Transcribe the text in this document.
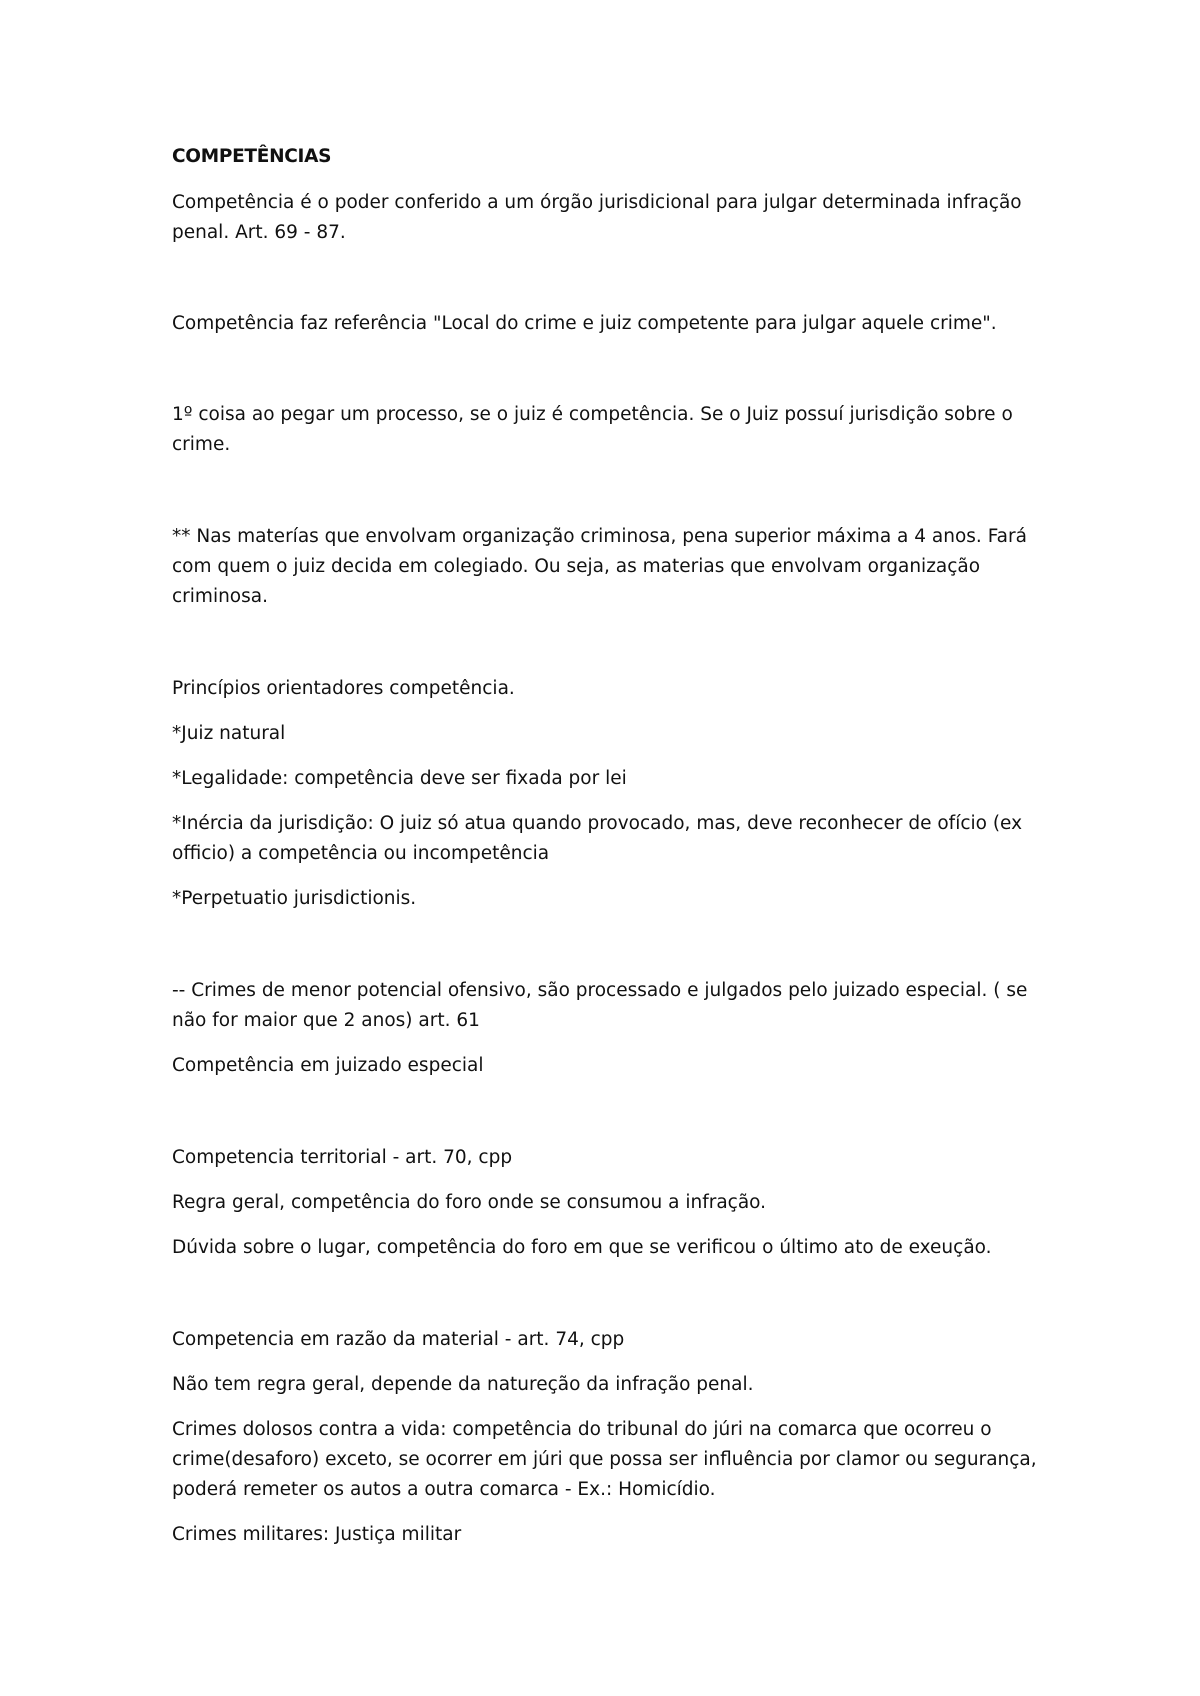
COMPETÊNCIAS

Competência é o poder conferido a um órgão jurisdicional para julgar determinada infração penal. Art. 69 - 87.

Competência faz referência "Local do crime e juiz competente para julgar aquele crime".

1º coisa ao pegar um processo, se o juiz é competência. Se o Juiz possuí jurisdição sobre o crime.

** Nas materías que envolvam organização criminosa, pena superior máxima a 4 anos. Fará com quem o juiz decida em colegiado. Ou seja, as materias que envolvam organização criminosa.

Princípios orientadores competência.

*Juiz natural

*Legalidade: competência deve ser fixada por lei

*Inércia da jurisdição: O juiz só atua quando provocado, mas, deve reconhecer de ofício (ex officio) a competência ou incompetência

*Perpetuatio jurisdictionis.

-- Crimes de menor potencial ofensivo, são processado e julgados pelo juizado especial. ( se não for maior que 2 anos) art. 61

Competência em juizado especial

Competencia territorial - art. 70, cpp

Regra geral, competência do foro onde se consumou a infração.

Dúvida sobre o lugar, competência do foro em que se verificou o último ato de exeução.

Competencia em razão da material - art. 74, cpp

Não tem regra geral, depende da natureção da infração penal.

Crimes dolosos contra a vida: competência do tribunal do júri na comarca que ocorreu o crime(desaforo) exceto, se ocorrer em júri que possa ser influência por clamor ou segurança, poderá remeter os autos a outra comarca - Ex.: Homicídio.

Crimes militares: Justiça militar
